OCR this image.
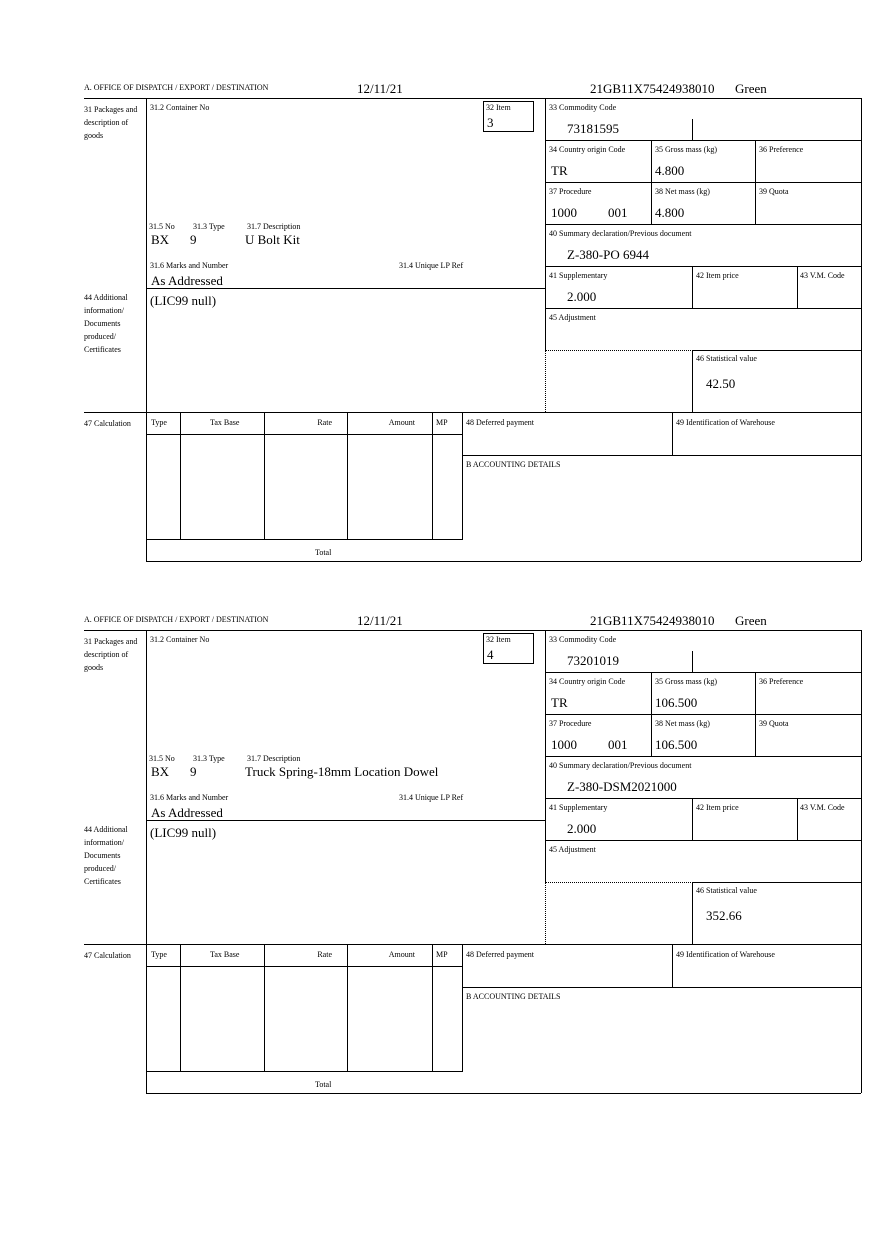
A. OFFICE OF DISPATCH / EXPORT / DESTINATION	12/11/21	21GB11X75424938010 Green
31 Packages and description of goods
31.2 Container No	32 Item
3
33 Commodity Code
73181595
34 Country origin Code
TR
35 Gross mass (kg)
4.800
36 Preference
37 Procedure
1000 001
38 Net mass (kg)
4.800
39 Quota
40 Summary declaration/Previous document
Z-380-PO 6944
31.5 No 31.3 Type	31.7 Description
BX 9	U Bolt Kit
31.6 Marks and Number
As Addressed
31.4 Unique LP Ref
41 Supplementary
2.000
42 Item price	43 V.M. Code
44 Additional information/ Documents produced/ Certificates
(LIC99 null)
45 Adjustment
46 Statistical value
42.50
47 Calculation	Type	Tax Base	Rate	Amount	MP 48 Deferred payment	49 Identification of Warehouse
B ACCOUNTING DETAILS
Total
A. OFFICE OF DISPATCH / EXPORT / DESTINATION	12/11/21	21GB11X75424938010 Green
31 Packages and description of goods
31.2 Container No	32 Item
4
33 Commodity Code
73201019
34 Country origin Code
TR
35 Gross mass (kg)
106.500
36 Preference
37 Procedure
1000 001
38 Net mass (kg)
106.500
39 Quota
40 Summary declaration/Previous document
Z-380-DSM2021000
31.5 No 31.3 Type	31.7 Description
BX 9	Truck Spring-18mm Location Dowel
31.6 Marks and Number
As Addressed
31.4 Unique LP Ref
41 Supplementary
2.000
42 Item price	43 V.M. Code
44 Additional information/ Documents produced/ Certificates
(LIC99 null)
45 Adjustment
46 Statistical value
352.66
47 Calculation	Type	Tax Base	Rate	Amount	MP 48 Deferred payment	49 Identification of Warehouse
B ACCOUNTING DETAILS
Total
